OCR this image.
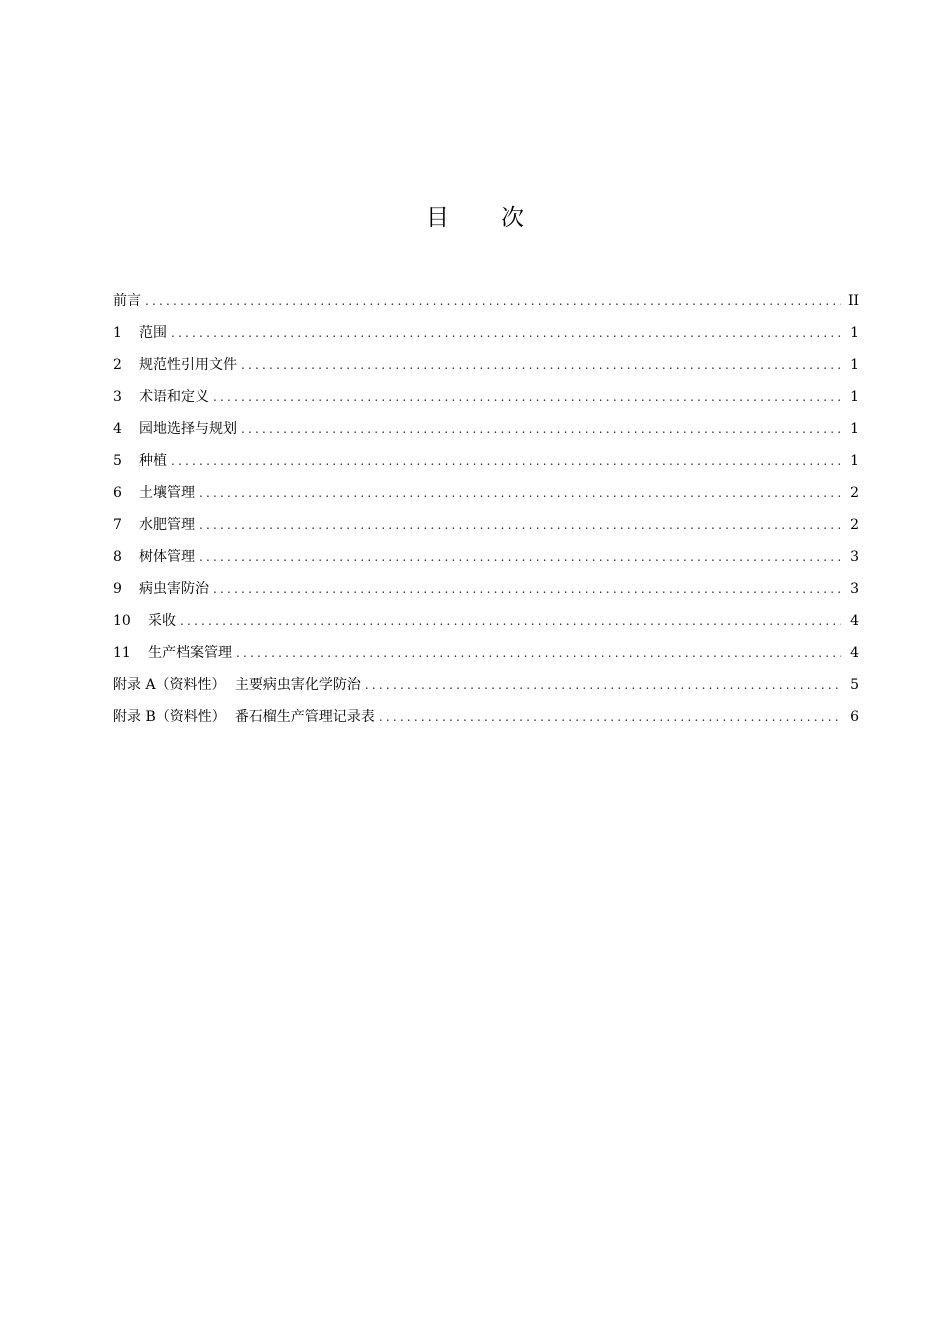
目 次
前言 .....	II
1	范围 .....	1
2	规范性引用文件 .....	1
3	术语和定义 .....	1
4	园地选择与规划 .....	1
5	种植 .....	1
6	土壤管理 .....	2
7	水肥管理 .....	2
8	树体管理 .....	3
9	病虫害防治 .....	3
10	采收 .....	4
11	生产档案管理 .....	4
附录 A（资料性） 主要病虫害化学防治 .....	5
附录 B（资料性） 番石榴生产管理记录表 .....	6
